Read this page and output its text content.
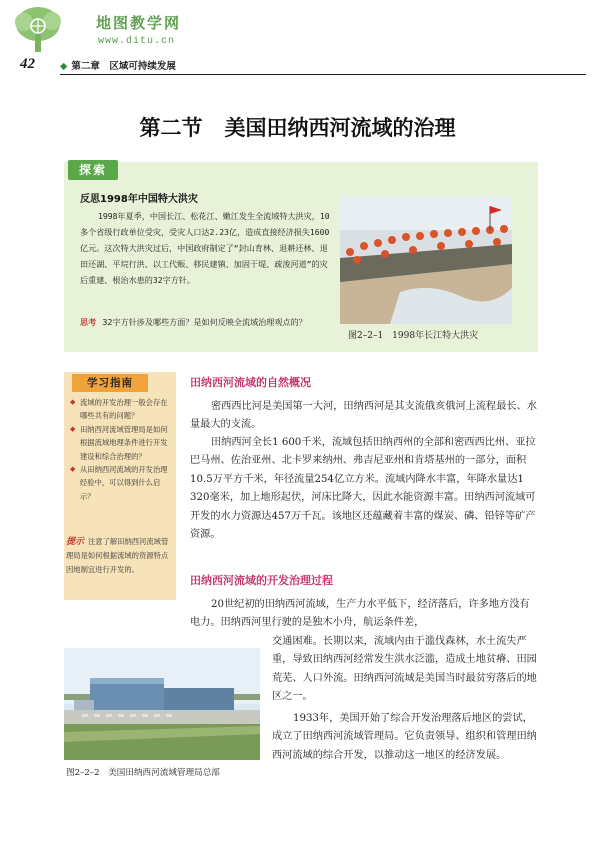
地图教学网
www.ditu.cn
42	◆ 第二章　区域可持续发展
第二节 美国田纳西河流域的治理
探索
反思1998年中国特大洪灾
1998年夏季，中国长江、松花江、嫩江发生全流域特大洪灾，10多个省级行政单位受灾，受灾人口达2.23亿，造成直接经济损失1600亿元。这次特大洪灾过后，中国政府制定了“封山育林、退耕还林、退田还湖、平垸行洪、以工代赈、移民建镇、加固干堤、疏浚河道”的灾后重建、根治水患的32字方针。
思考 32字方针涉及哪些方面？是如何反映全流域治理观点的？
图2–2–1　1998年长江特大洪灾
学习指南
◆ 流域的开发治理一般会存在哪些共有的问题？
◆ 田纳西河流域管理局是如何根据流域地理条件进行开发建设和综合治理的？
◆ 从田纳西河流域的开发治理经验中，可以得到什么启示？
提示 注意了解田纳西河流域管理局是如何根据流域的资源特点因地制宜进行开发的。
田纳西河流域的自然概况
密西西比河是美国第一大河，田纳西河是其支流俄亥俄河上流程最长、水量最大的支流。
田纳西河全长1 600千米，流域包括田纳西州的全部和密西西比州、亚拉巴马州、佐治亚州、北卡罗来纳州、弗吉尼亚州和肯塔基州的一部分，面积10.5万平方千米，年径流量254亿立方米。流域内降水丰富，年降水量达1 320毫米，加上地形起伏，河床比降大，因此水能资源丰富。田纳西河流域可开发的水力资源达457万千瓦。该地区还蕴藏着丰富的煤炭、磷、铅锌等矿产资源。
田纳西河流域的开发治理过程
20世纪初的田纳西河流域，生产力水平低下，经济落后，许多地方没有电力。田纳西河里行驶的是独木小舟，航运条件差，
交通困难。长期以来，流域内由于滥伐森林，水土流失严重，导致田纳西河经常发生洪水泛滥，造成土地贫瘠、田园荒芜、人口外流。田纳西河流域是美国当时最贫穷落后的地区之一。
1933年，美国开始了综合开发治理落后地区的尝试，成立了田纳西河流域管理局。它负责领导、组织和管理田纳西河流域的综合开发，以推动这一地区的经济发展。
图2–2–2　美国田纳西河流域管理局总部
